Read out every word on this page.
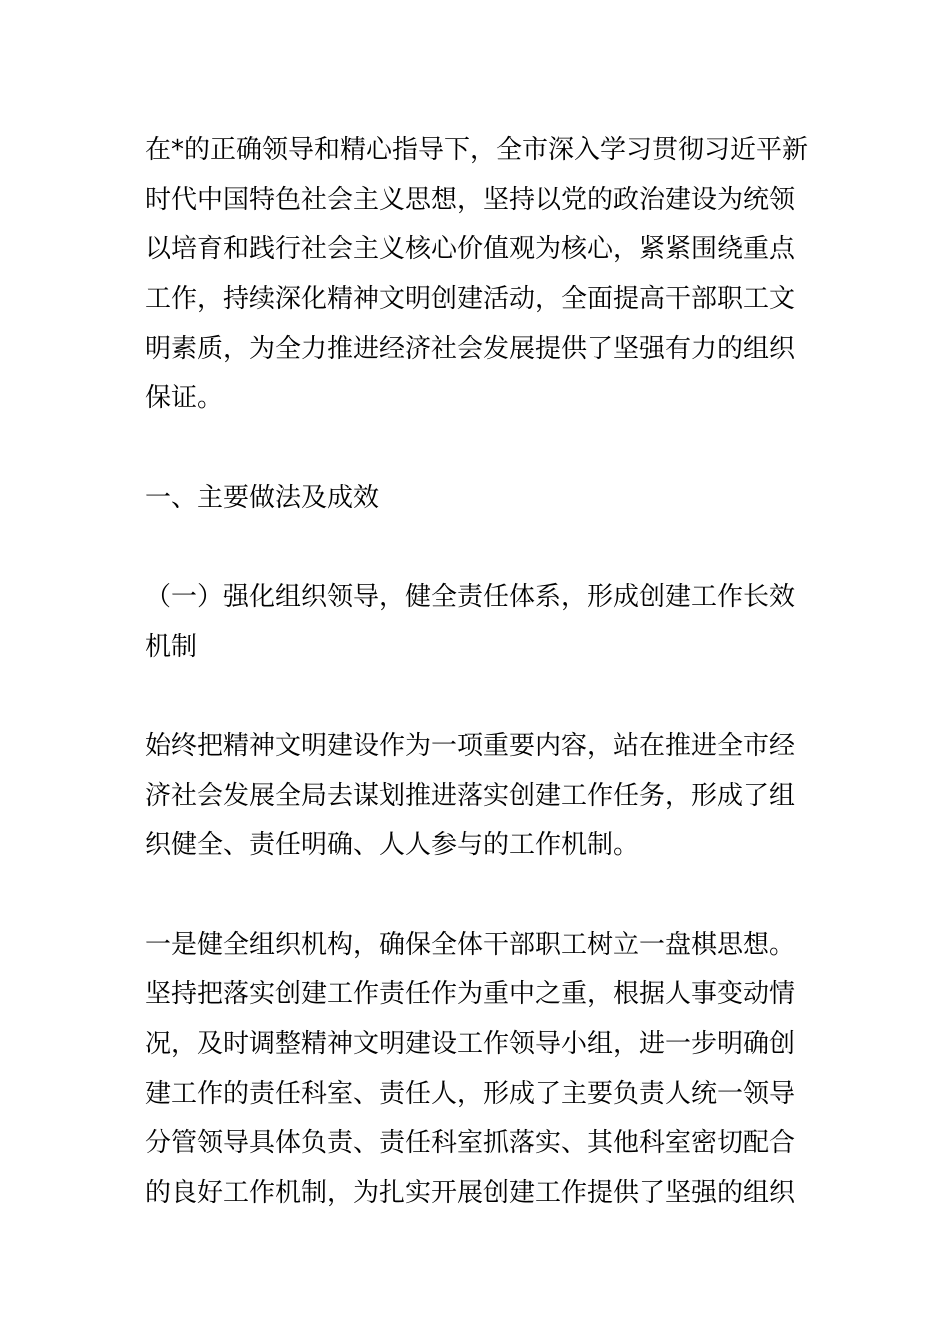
在*的正确领导和精心指导下，全市深入学习贯彻习近平新

时代中国特色社会主义思想，坚持以党的政治建设为统领

以培育和践行社会主义核心价值观为核心，紧紧围绕重点

工作，持续深化精神文明创建活动，全面提高干部职工文

明素质，为全力推进经济社会发展提供了坚强有力的组织

保证。

一、主要做法及成效

（一）强化组织领导，健全责任体系，形成创建工作长效

机制

始终把精神文明建设作为一项重要内容，站在推进全市经

济社会发展全局去谋划推进落实创建工作任务，形成了组

织健全、责任明确、人人参与的工作机制。

一是健全组织机构，确保全体干部职工树立一盘棋思想。

坚持把落实创建工作责任作为重中之重，根据人事变动情

况，及时调整精神文明建设工作领导小组，进一步明确创

建工作的责任科室、责任人，形成了主要负责人统一领导

分管领导具体负责、责任科室抓落实、其他科室密切配合

的良好工作机制，为扎实开展创建工作提供了坚强的组织
